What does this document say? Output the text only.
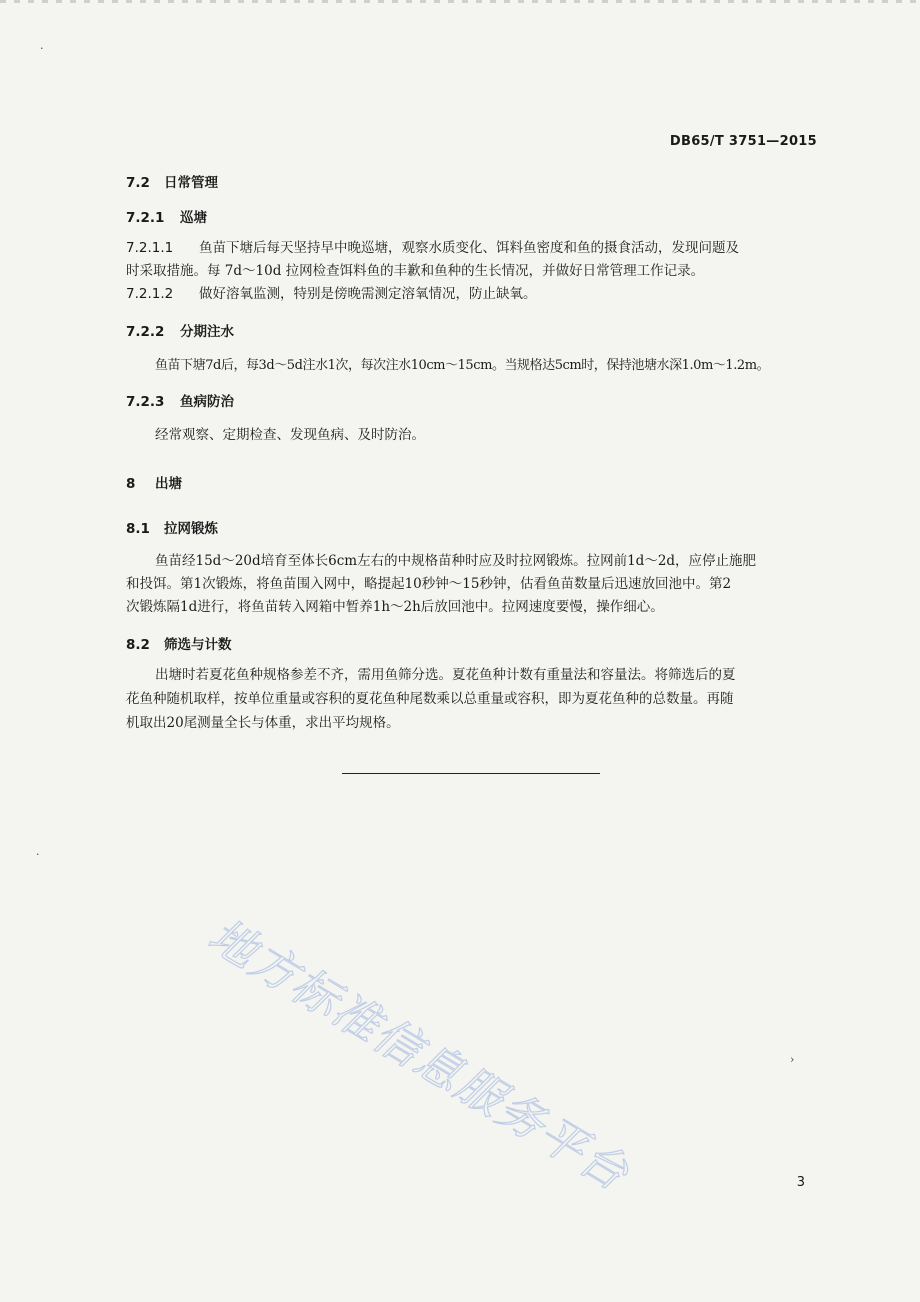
DB65/T 3751—2015
7.2 日常管理
7.2.1 巡塘
7.2.1.1 鱼苗下塘后每天坚持早中晚巡塘，观察水质变化、饵料鱼密度和鱼的摄食活动，发现问题及
时采取措施。每 7d～10d 拉网检查饵料鱼的丰歉和鱼种的生长情况，并做好日常管理工作记录。
7.2.1.2 做好溶氧监测，特别是傍晚需测定溶氧情况，防止缺氧。
7.2.2 分期注水
鱼苗下塘7d后，每3d～5d注水1次，每次注水10cm～15cm。当规格达5cm时，保持池塘水深1.0m～1.2m。
7.2.3 鱼病防治
经常观察、定期检查、发现鱼病、及时防治。
8 出塘
8.1 拉网锻炼
鱼苗经15d～20d培育至体长6cm左右的中规格苗种时应及时拉网锻炼。拉网前1d～2d，应停止施肥
和投饵。第1次锻炼，将鱼苗围入网中，略提起10秒钟～15秒钟，估看鱼苗数量后迅速放回池中。第2
次锻炼隔1d进行，将鱼苗转入网箱中暂养1h～2h后放回池中。拉网速度要慢，操作细心。
8.2 筛选与计数
出塘时若夏花鱼种规格参差不齐，需用鱼筛分选。夏花鱼种计数有重量法和容量法。将筛选后的夏
花鱼种随机取样，按单位重量或容积的夏花鱼种尾数乘以总重量或容积，即为夏花鱼种的总数量。再随
机取出20尾测量全长与体重，求出平均规格。
地方标准信息服务平台
·
·
›
3
